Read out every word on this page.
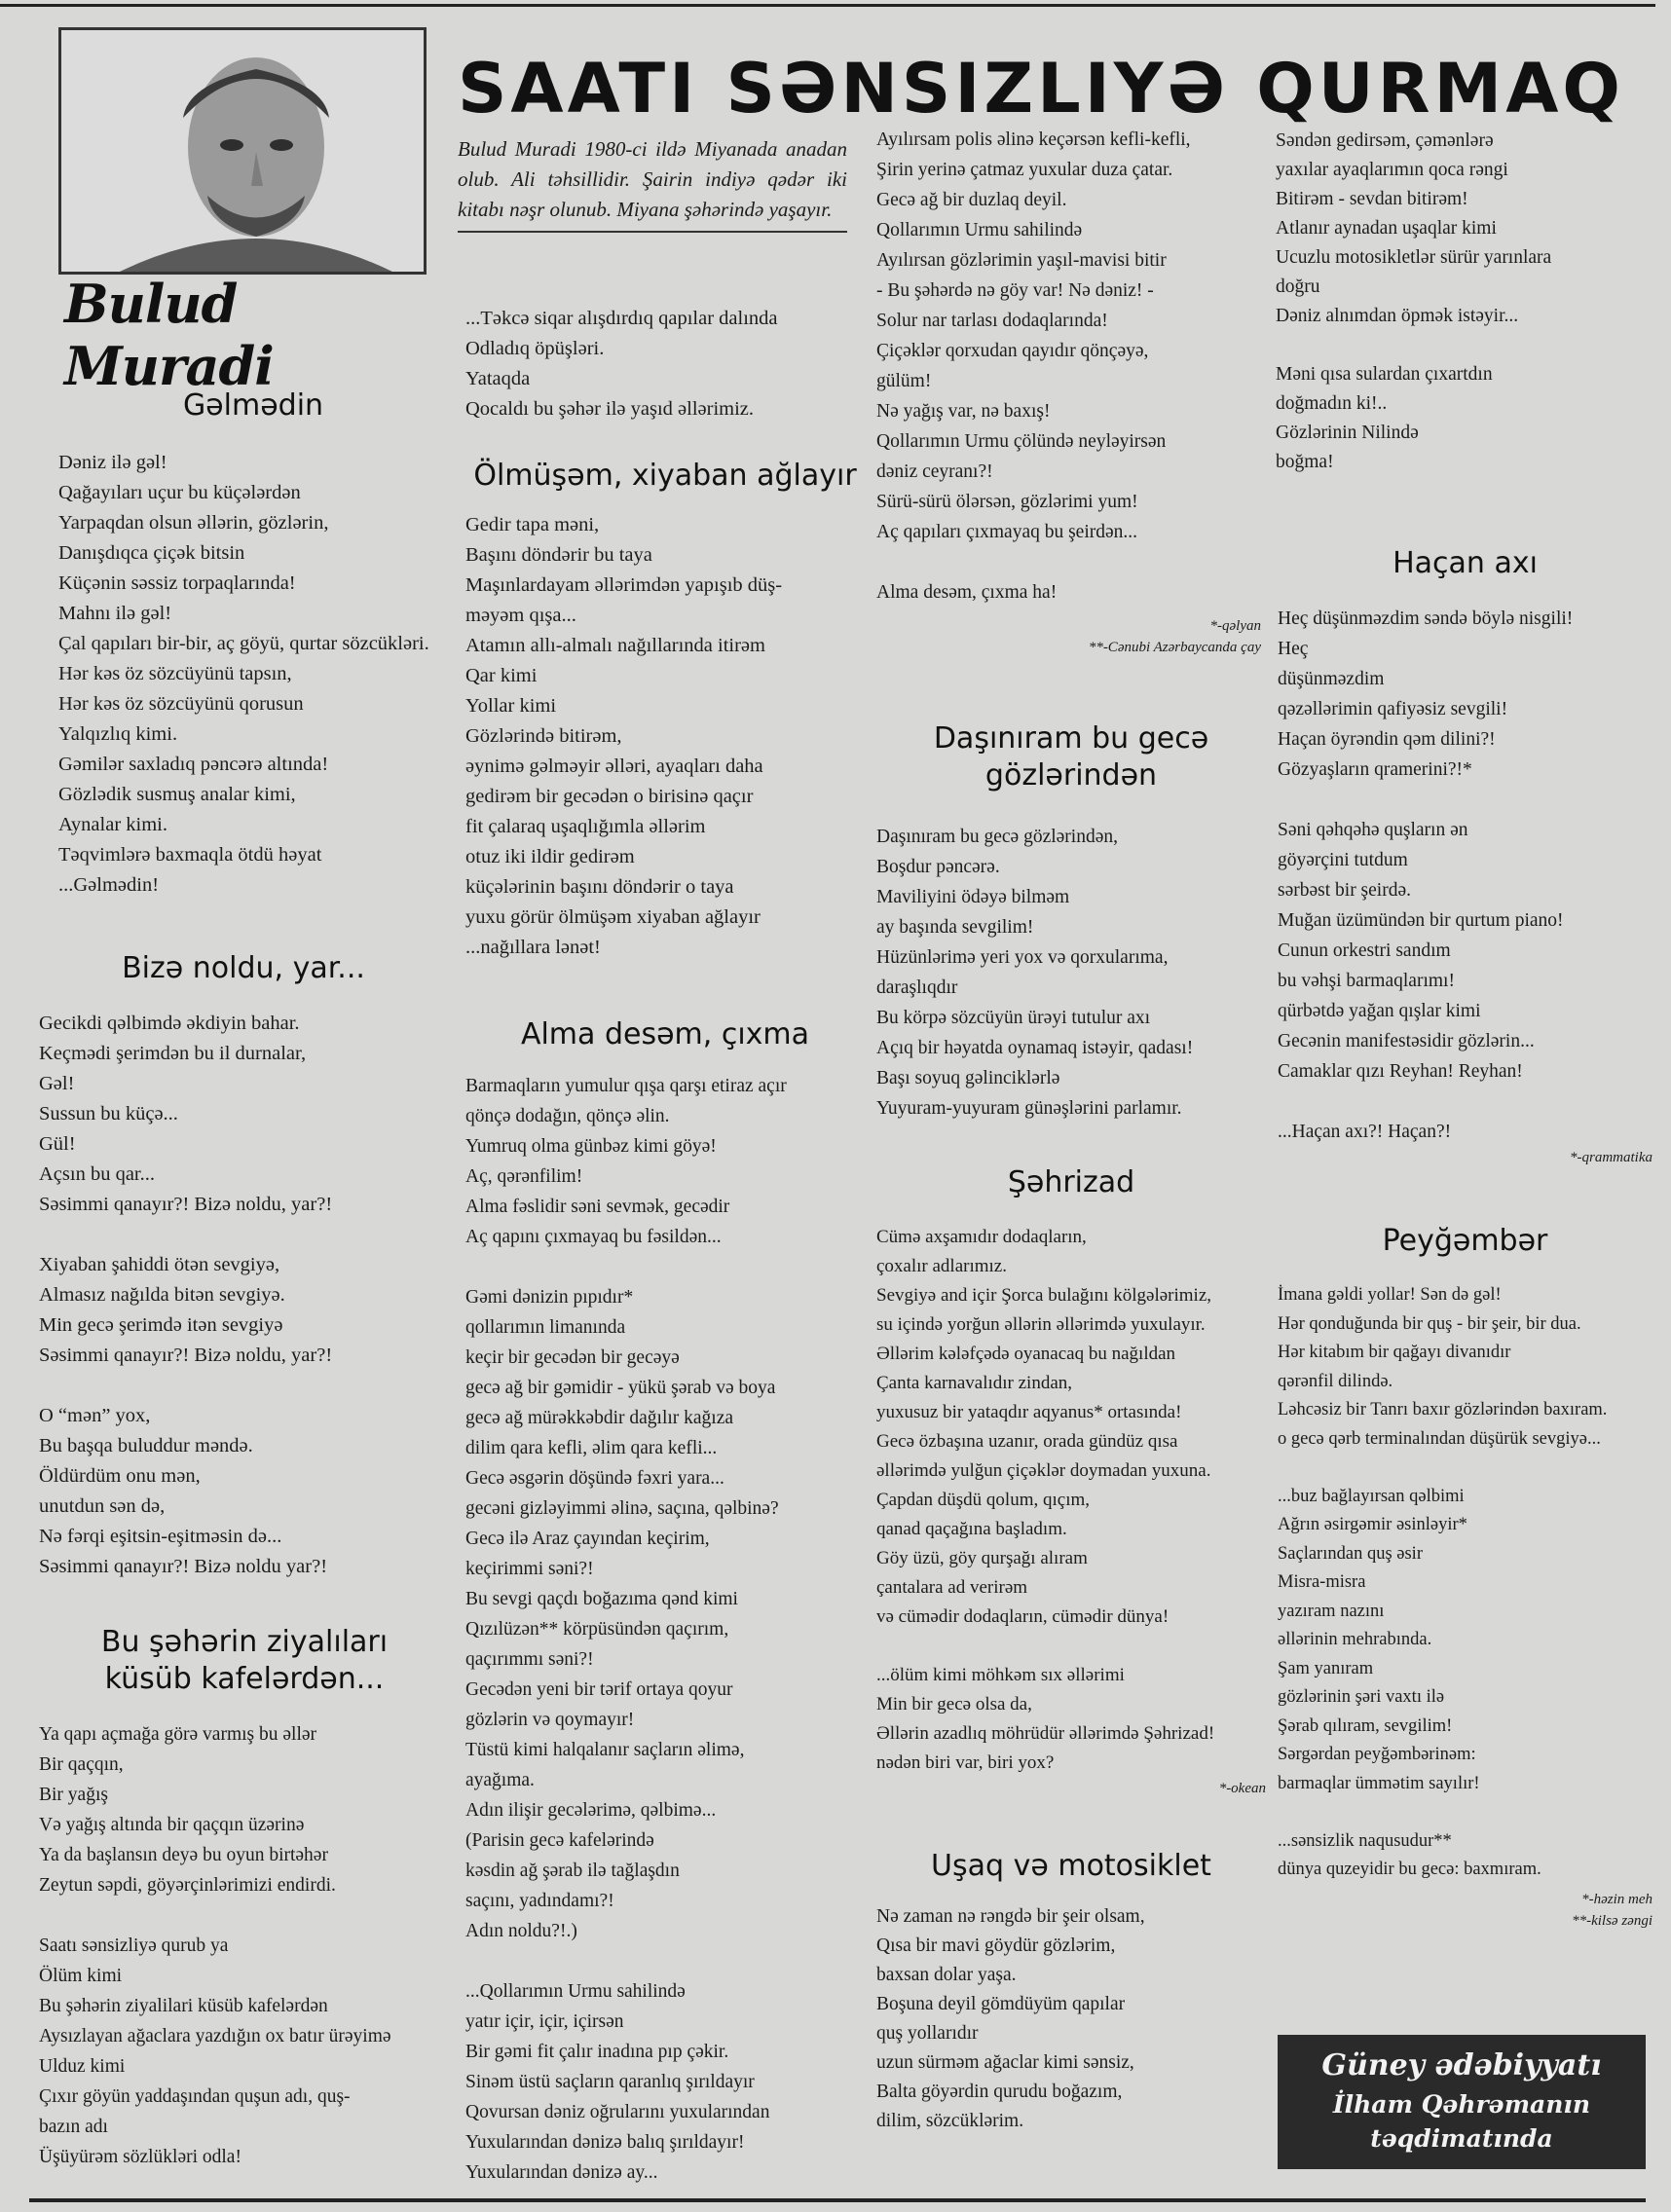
Bulud Muradi
Gəlmədin

Dəniz ilə gəl!
Qağayıları uçur bu küçələrdən
Yarpaqdan olsun əllərin, gözlərin,
Danışdıqca çiçək bitsin
Küçənin səssiz torpaqlarında!
Mahnı ilə gəl!
Çal qapıları bir-bir, aç göyü, qurtar sözcükləri.
Hər kəs öz sözcüyünü tapsın,
Hər kəs öz sözcüyünü qorusun
Yalqızlıq kimi.
Gəmilər saxladıq pəncərə altında!
Gözlədik susmuş analar kimi,
Aynalar kimi.
Təqvimlərə baxmaqla ötdü həyat
...Gəlmədin!

Bizə noldu, yar...

Gecikdi qəlbimdə əkdiyin bahar.
Keçmədi şerimdən bu il durnalar,
Gəl!
Sussun bu küçə...
Gül!
Açsın bu qar...
Səsimmi qanayır?! Bizə noldu, yar?!

Xiyaban şahiddi ötən sevgiyə,
Almasız nağılda bitən sevgiyə.
Min gecə şerimdə itən sevgiyə
Səsimmi qanayır?! Bizə noldu, yar?!

O “mən” yox,
Bu başqa buluddur məndə.
Öldürdüm onu mən,
unutdun sən də,
Nə fərqi eşitsin-eşitməsin də...
Səsimmi qanayır?! Bizə noldu yar?!

Bu şəhərin ziyalıları küsüb kafelərdən...

Ya qapı açmağa görə varmış bu əllər
Bir qaçqın,
Bir yağış
Və yağış altında bir qaçqın üzərinə
Ya da başlansın deyə bu oyun birtəhər
Zeytun səpdi, göyərçinlərimizi endirdi.

Saatı sənsizliyə qurub ya
Ölüm kimi
Bu şəhərin ziyalilari küsüb kafelərdən
Aysızlayan ağaclara yazdığın ox batır ürəyimə
Ulduz kimi
Çıxır göyün yaddaşından quşun adı, quş-
bazın adı
Üşüyürəm sözlükləri odla!

SAATI SƏNSIZLIYƏ QURMAQ
Bulud Muradi 1980-ci ildə Miyanada anadan olub. Ali təhsillidir. Şairin indiyə qədər iki kitabı nəşr olunub. Miyana şəhərində yaşayır.

...Təkcə siqar alışdırdıq qapılar dalında
Odladıq öpüşləri.
Yataqda
Qocaldı bu şəhər ilə yaşıd əllərimiz.

Ölmüşəm, xiyaban ağlayır

Gedir tapa məni,
Başını döndərir bu taya
Maşınlardayam əllərimdən yapışıb düş-
məyəm qışa...
Atamın allı-almalı nağıllarında itirəm
Qar kimi
Yollar kimi
Gözlərində bitirəm,
əynimə gəlməyir əlləri, ayaqları daha
gedirəm bir gecədən o birisinə qaçır
fit çalaraq uşaqlığımla əllərim
otuz iki ildir gedirəm
küçələrinin başını döndərir o taya
yuxu görür ölmüşəm xiyaban ağlayır
...nağıllara lənət!

Alma desəm, çıxma

Barmaqların yumulur qışa qarşı etiraz açır
qönçə dodağın, qönçə əlin.
Yumruq olma günbəz kimi göyə!
Aç, qərənfilim!
Alma fəslidir səni sevmək, gecədir
Aç qapını çıxmayaq bu fəsildən...

Gəmi dənizin pıpıdır*
qollarımın limanında
keçir bir gecədən bir gecəyə
gecə ağ bir gəmidir - yükü şərab və boya
gecə ağ mürəkkəbdir dağılır kağıza
dilim qara kefli, əlim qara kefli...
Gecə əsgərin döşündə fəxri yara...
gecəni gizləyimmi əlinə, saçına, qəlbinə?
Gecə ilə Araz çayından keçirim,
keçirimmi səni?!
Bu sevgi qaçdı boğazıma qənd kimi
Qızılüzən** körpüsündən qaçırım,
qaçırımmı səni?!
Gecədən yeni bir tərif ortaya qoyur
gözlərin və qoymayır!
Tüstü kimi halqalanır saçların əlimə,
ayağıma.
Adın ilişir gecələrimə, qəlbimə...
(Parisin gecə kafelərində
kəsdin ağ şərab ilə tağlaşdın
saçını, yadındamı?!
Adın noldu?!.)

...Qollarımın Urmu sahilində
yatır içir, içir, içirsən
Bir gəmi fit çalır inadına pıp çəkir.
Sinəm üstü saçların qaranlıq şırıldayır
Qovursan dəniz oğrularını yuxularından
Yuxularından dənizə balıq şırıldayır!
Yuxularından dənizə ay...

Ayılırsam polis əlinə keçərsən kefli-kefli,
Şirin yerinə çatmaz yuxular duza çatar.
Gecə ağ bir duzlaq deyil.
Qollarımın Urmu sahilində
Ayılırsan gözlərimin yaşıl-mavisi bitir
- Bu şəhərdə nə göy var! Nə dəniz! -
Solur nar tarlası dodaqlarında!
Çiçəklər qorxudan qayıdır qönçəyə,
gülüm!
Nə yağış var, nə baxış!
Qollarımın Urmu çölündə neyləyirsən
dəniz ceyranı?!
Sürü-sürü ölərsən, gözlərimi yum!
Aç qapıları çıxmayaq bu şeirdən...

Alma desəm, çıxma ha!

*-qəlyan

**-Cənubi Azərbaycanda çay

Daşınıram bu gecə gözlərindən

Daşınıram bu gecə gözlərindən,
Boşdur pəncərə.
Maviliyini ödəyə bilməm
ay başında sevgilim!
Hüzünlərimə yeri yox və qorxularıma,
daraşlıqdır
Bu körpə sözcüyün ürəyi tutulur axı
Açıq bir həyatda oynamaq istəyir, qadası!
Başı soyuq gəlinciklərlə
Yuyuram-yuyuram günəşlərini parlamır.

Şəhrizad

Cümə axşamıdır dodaqların,
çoxalır adlarımız.
Sevgiyə and içir Şorca bulağını kölgələrimiz,
su içində yorğun əllərin əllərimdə yuxulayır.
Əllərim kələfçədə oyanacaq bu nağıldan
Çanta karnavalıdır zindan,
yuxusuz bir yataqdır aqyanus* ortasında!
Gecə özbaşına uzanır, orada gündüz qısa
əllərimdə yulğun çiçəklər doymadan yuxuna.
Çapdan düşdü qolum, qıçım,
qanad qaçağına başladım.
Göy üzü, göy qurşağı alıram
çantalara ad verirəm
və cümədir dodaqların, cümədir dünya!

...ölüm kimi möhkəm sıx əllərimi
Min bir gecə olsa da,
Əllərin azadlıq möhrüdür əllərimdə Şəhrizad!
nədən biri var, biri yox?

*-okean

Uşaq və motosiklet

Nə zaman nə rəngdə bir şeir olsam,
Qısa bir mavi göydür gözlərim,
baxsan dolar yaşa.
Boşuna deyil gömdüyüm qapılar
quş yollarıdır
uzun sürməm ağaclar kimi sənsiz,
Balta göyərdin qurudu boğazım,
dilim, sözcüklərim.

Səndən gedirsəm, çəmənlərə
yaxılar ayaqlarımın qoca rəngi
Bitirəm - sevdan bitirəm!
Atlanır aynadan uşaqlar kimi
Ucuzlu motosikletlər sürür yarınlara
doğru
Dəniz alnımdan öpmək istəyir...

Məni qısa sulardan çıxartdın
doğmadın ki!..
Gözlərinin Nilində
boğma!

Haçan axı

Heç düşünməzdim səndə böylə nisgili!
Heç
düşünməzdim
qəzəllərimin qafiyəsiz sevgili!
Haçan öyrəndin qəm dilini?!
Gözyaşların qramerini?!*

Səni qəhqəhə quşların ən
göyərçini tutdum
sərbəst bir şeirdə.
Muğan üzümündən bir qurtum piano!
Cunun orkestri sandım
bu vəhşi barmaqlarımı!
qürbətdə yağan qışlar kimi
Gecənin manifestəsidir gözlərin...
Camaklar qızı Reyhan! Reyhan!

...Haçan axı?! Haçan?!

*-qrammatika

Peyğəmbər

İmana gəldi yollar! Sən də gəl!
Hər qonduğunda bir quş - bir şeir, bir dua.
Hər kitabım bir qağayı divanıdır
qərənfil dilində.
Ləhcəsiz bir Tanrı baxır gözlərindən baxıram.
o gecə qərb terminalından düşürük sevgiyə...

...buz bağlayırsan qəlbimi
Ağrın əsirgəmir əsinləyir*
Saçlarından quş əsir
Misra-misra
yazıram nazını
əllərinin mehrabında.
Şam yanıram
gözlərinin şəri vaxtı ilə
Şərab qılıram, sevgilim!
Sərgərdan peyğəmbərinəm:
barmaqlar ümmətim sayılır!

...sənsizlik naqusudur**
dünya quzeyidir bu gecə: baxmıram.

*-həzin meh

**-kilsə zəngi

Güney ədəbiyyatı
İlham Qəhrəmanın
təqdimatında
